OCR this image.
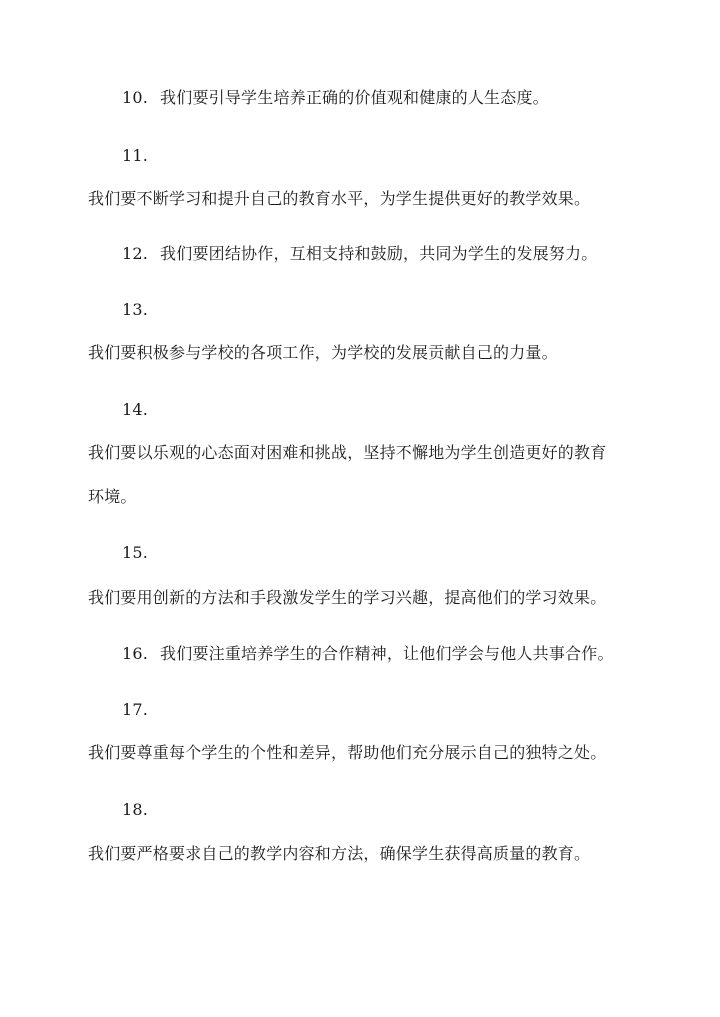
10. 我们要引导学生培养正确的价值观和健康的人生态度。
11.
我们要不断学习和提升自己的教育水平，为学生提供更好的教学效果。
12. 我们要团结协作，互相支持和鼓励，共同为学生的发展努力。
13.
我们要积极参与学校的各项工作，为学校的发展贡献自己的力量。
14.
我们要以乐观的心态面对困难和挑战，坚持不懈地为学生创造更好的教育
环境。
15.
我们要用创新的方法和手段激发学生的学习兴趣，提高他们的学习效果。
16. 我们要注重培养学生的合作精神，让他们学会与他人共事合作。
17.
我们要尊重每个学生的个性和差异，帮助他们充分展示自己的独特之处。
18.
我们要严格要求自己的教学内容和方法，确保学生获得高质量的教育。
